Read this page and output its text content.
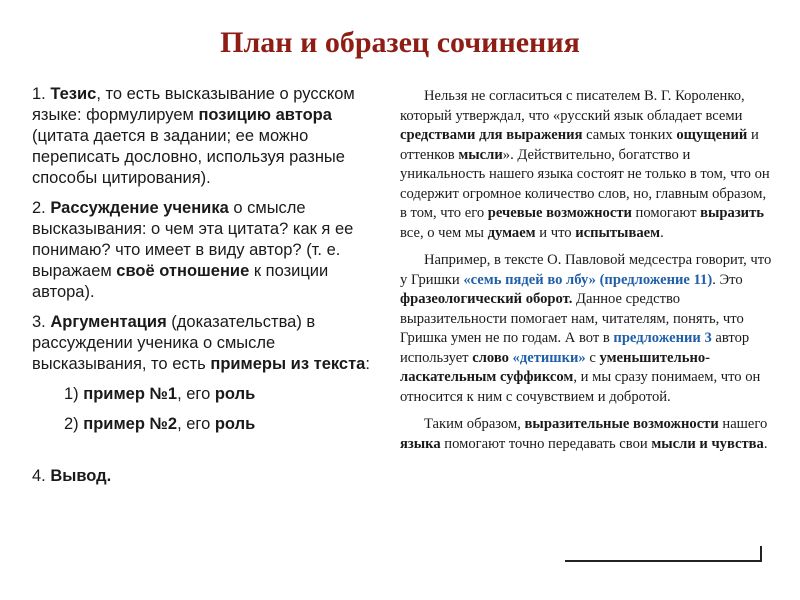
План и образец сочинения

1. Тезис, то есть высказывание о русском языке: формулируем позицию автора (цитата дается в задании; ее можно переписать дословно, используя разные способы цитирования).

2. Рассуждение ученика о смысле высказывания: о чем эта цитата? как я ее понимаю? что имеет в виду автор? (т. е. выражаем своё отношение к позиции автора).

3. Аргументация (доказательства) в рассуждении ученика о смысле высказывания, то есть примеры из текста:

1) пример №1, его роль

2) пример №2, его роль

4. Вывод.

Нельзя не согласиться с писателем В. Г. Короленко, который утверждал, что «русский язык обладает всеми средствами для выражения самых тонких ощущений и оттенков мысли». Действительно, богатство и уникальность нашего языка состоят не только в том, что он содержит огромное количество слов, но, главным образом, в том, что его речевые возможности помогают выразить все, о чем мы думаем и что испытываем.

Например, в тексте О. Павловой медсестра говорит, что у Гришки «семь пядей во лбу» (предложение 11). Это фразеологический оборот. Данное средство выразительности помогает нам, читателям, понять, что Гришка умен не по годам. А вот в предложении 3 автор использует слово «детишки» с уменьшительно-ласкательным суффиксом, и мы сразу понимаем, что он относится к ним с сочувствием и добротой.

Таким образом, выразительные возможности нашего языка помогают точно передавать свои мысли и чувства.
